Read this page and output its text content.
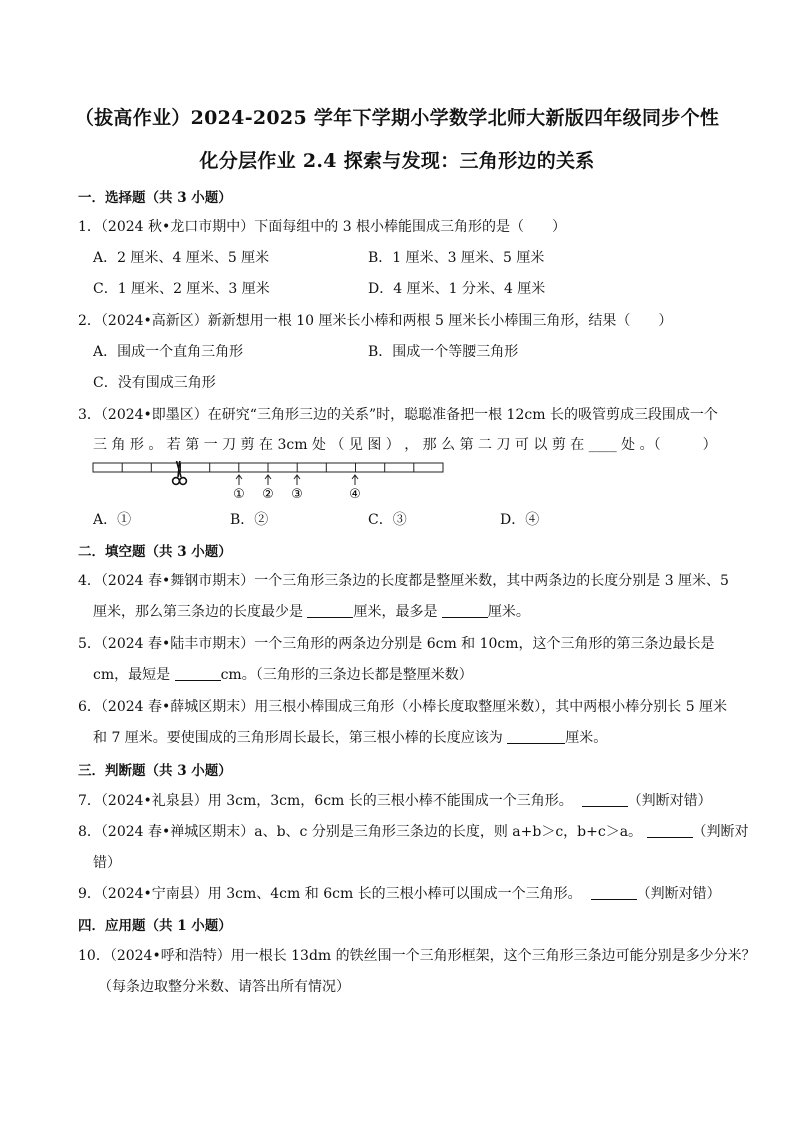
（拔高作业）2024-2025 学年下学期小学数学北师大新版四年级同步个性
化分层作业 2.4 探索与发现：三角形边的关系
一．选择题（共 3 小题）
1．（2024 秋•龙口市期中）下面每组中的 3 根小棒能围成三角形的是（　　）
A．2 厘米、4 厘米、5 厘米	B．1 厘米、3 厘米、5 厘米
C．1 厘米、2 厘米、3 厘米	D．4 厘米、1 分米、4 厘米
2．（2024•高新区）新新想用一根 10 厘米长小棒和两根 5 厘米长小棒围三角形，结果（　　）
A．围成一个直角三角形	B．围成一个等腰三角形
C．没有围成三角形
3．（2024•即墨区）在研究“三角形三边的关系”时，聪聪准备把一根 12cm 长的吸管剪成三段围成一个
三 角 形 。 若 第 一 刀 剪 在 3cm 处 （ 见 图 ） ， 那 么 第 二 刀 可 以 剪 在 ____ 处 。（　　　）
① ② ③	④
A．①	B．②	C．③	D．④
二．填空题（共 3 小题）
4．（2024 春•舞钢市期末）一个三角形三条边的长度都是整厘米数，其中两条边的长度分别是 3 厘米、5
厘米，那么第三条边的长度最少是	厘米，最多是	厘米。
5．（2024 春•陆丰市期末）一个三角形的两条边分别是 6cm 和 10cm，这个三角形的第三条边最长是
cm，最短是	cm。（三角形的三条边长都是整厘米数）
6．（2024 春•薛城区期末）用三根小棒围成三角形（小棒长度取整厘米数），其中两根小棒分别长 5 厘米
和 7 厘米。要使围成的三角形周长最长，第三根小棒的长度应该为	厘米。
三．判断题（共 3 小题）
7．（2024•礼泉县）用 3cm，3cm，6cm 长的三根小棒不能围成一个三角形。	（判断对错）
8．（2024 春•禅城区期末）a、b、c 分别是三角形三条边的长度，则 a+b＞c，b+c＞a。	（判断对
错）
9．（2024•宁南县）用 3cm、4cm 和 6cm 长的三根小棒可以围成一个三角形。	（判断对错）
四．应用题（共 1 小题）
10．（2024•呼和浩特）用一根长 13dm 的铁丝围一个三角形框架，这个三角形三条边可能分别是多少分米？
（每条边取整分米数、请答出所有情况）
